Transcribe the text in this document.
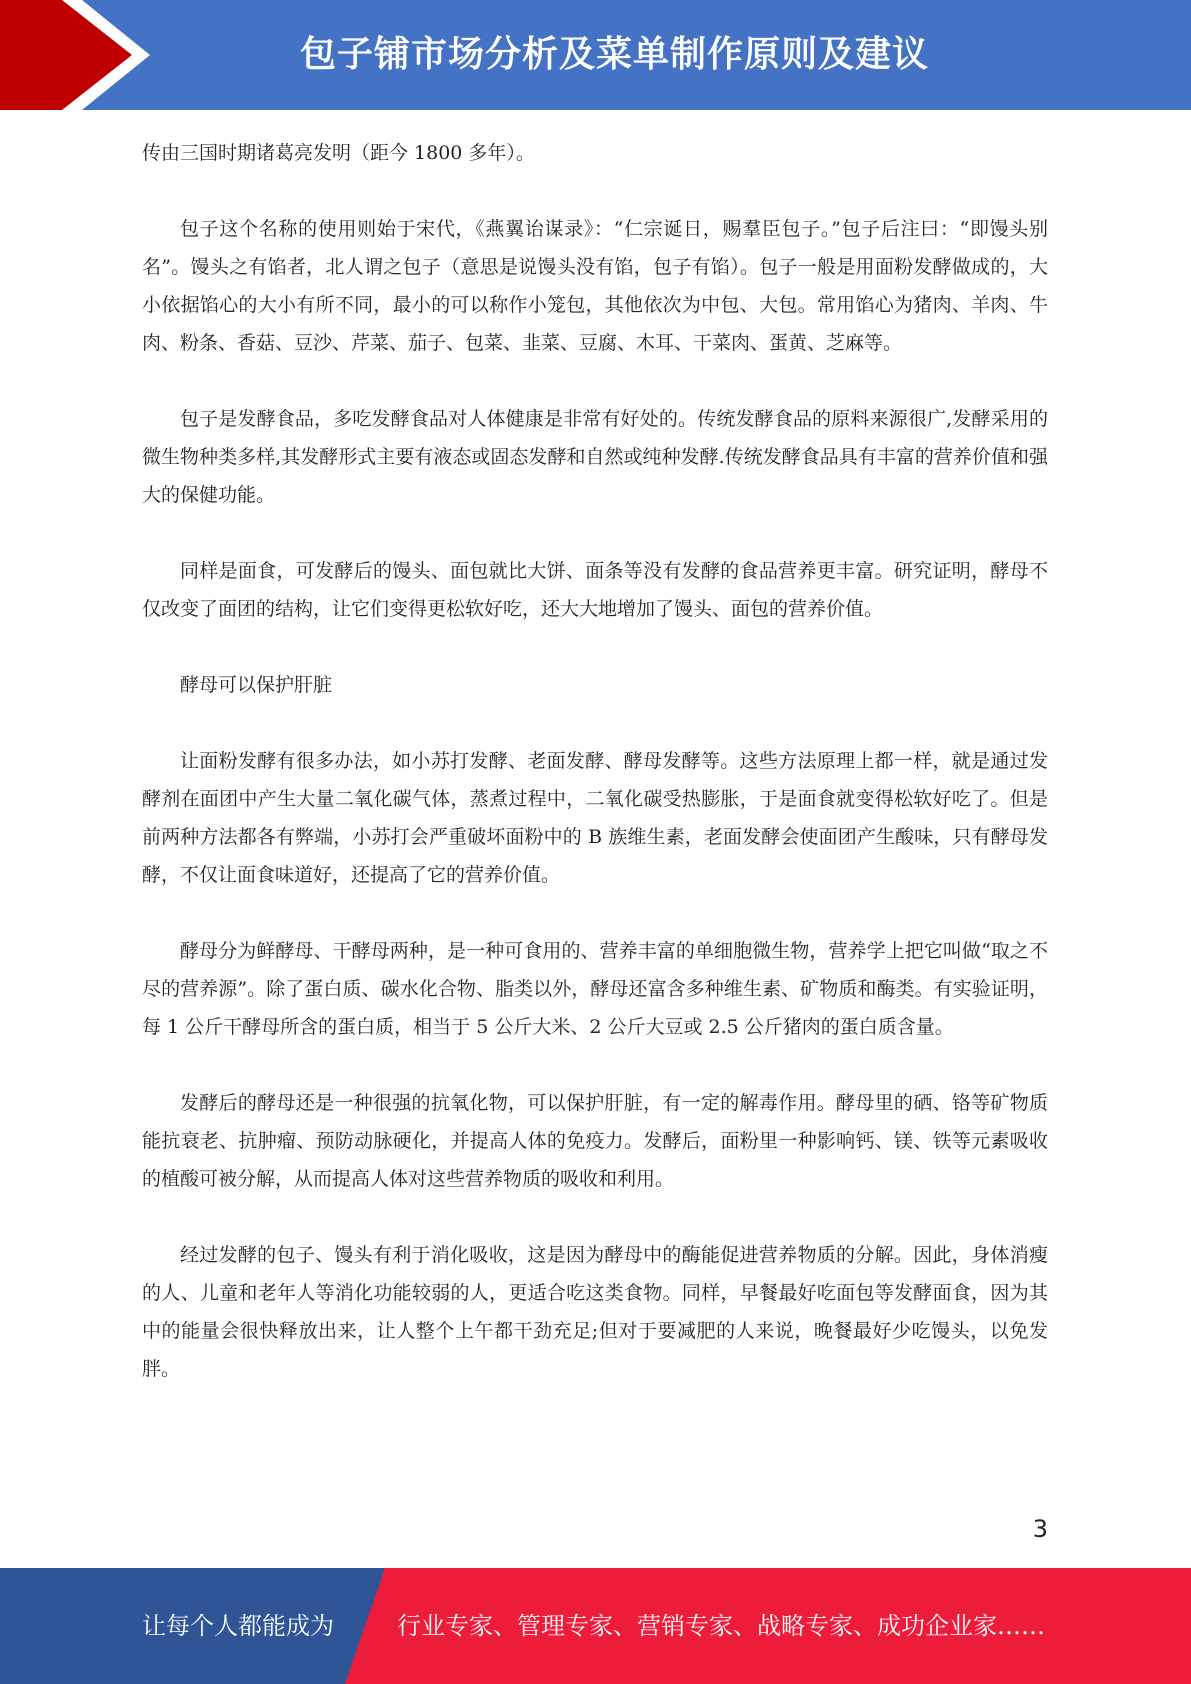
包子铺市场分析及菜单制作原则及建议

传由三国时期诸葛亮发明（距今 1800 多年）。

包子这个名称的使用则始于宋代，《燕翼诒谋录》：“仁宗诞日，赐羣臣包子。”包子后注曰：“即馒头别名”。馒头之有馅者，北人谓之包子（意思是说馒头没有馅，包子有馅）。包子一般是用面粉发酵做成的，大小依据馅心的大小有所不同，最小的可以称作小笼包，其他依次为中包、大包。常用馅心为猪肉、羊肉、牛肉、粉条、香菇、豆沙、芹菜、茄子、包菜、韭菜、豆腐、木耳、干菜肉、蛋黄、芝麻等。

包子是发酵食品，多吃发酵食品对人体健康是非常有好处的。传统发酵食品的原料来源很广,发酵采用的微生物种类多样,其发酵形式主要有液态或固态发酵和自然或纯种发酵.传统发酵食品具有丰富的营养价值和强大的保健功能。

同样是面食，可发酵后的馒头、面包就比大饼、面条等没有发酵的食品营养更丰富。研究证明，酵母不仅改变了面团的结构，让它们变得更松软好吃，还大大地增加了馒头、面包的营养价值。

酵母可以保护肝脏

让面粉发酵有很多办法，如小苏打发酵、老面发酵、酵母发酵等。这些方法原理上都一样，就是通过发酵剂在面团中产生大量二氧化碳气体，蒸煮过程中，二氧化碳受热膨胀，于是面食就变得松软好吃了。但是前两种方法都各有弊端，小苏打会严重破坏面粉中的 B 族维生素，老面发酵会使面团产生酸味，只有酵母发酵，不仅让面食味道好，还提高了它的营养价值。

酵母分为鲜酵母、干酵母两种，是一种可食用的、营养丰富的单细胞微生物，营养学上把它叫做“取之不尽的营养源”。除了蛋白质、碳水化合物、脂类以外，酵母还富含多种维生素、矿物质和酶类。有实验证明，每 1 公斤干酵母所含的蛋白质，相当于 5 公斤大米、2 公斤大豆或 2.5 公斤猪肉的蛋白质含量。

发酵后的酵母还是一种很强的抗氧化物，可以保护肝脏，有一定的解毒作用。酵母里的硒、铬等矿物质能抗衰老、抗肿瘤、预防动脉硬化，并提高人体的免疫力。发酵后，面粉里一种影响钙、镁、铁等元素吸收的植酸可被分解，从而提高人体对这些营养物质的吸收和利用。

经过发酵的包子、馒头有利于消化吸收，这是因为酵母中的酶能促进营养物质的分解。因此，身体消瘦的人、儿童和老年人等消化功能较弱的人，更适合吃这类食物。同样，早餐最好吃面包等发酵面食，因为其中的能量会很快释放出来，让人整个上午都干劲充足;但对于要减肥的人来说，晚餐最好少吃馒头，以免发胖。

3
让每个人都能成为	行业专家、管理专家、营销专家、战略专家、成功企业家……
